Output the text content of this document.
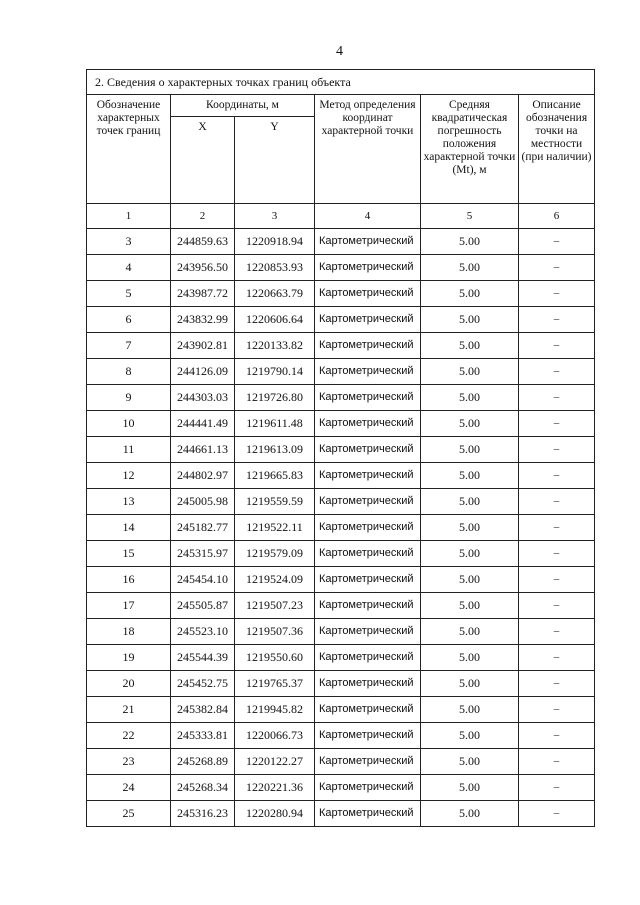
4
2. Сведения о характерных точках границ объекта					
Обозначение характерных точек границ	Координаты, м		Метод определения координат характерной точки	Средняя квадратическая погрешность положения характерной точки (Mt), м	Описание обозначения точки на местности (при наличии)
	X	Y			
1	2	3	4	5	6
3	244859.63	1220918.94	Картометрический	5.00	–
4	243956.50	1220853.93	Картометрический	5.00	–
5	243987.72	1220663.79	Картометрический	5.00	–
6	243832.99	1220606.64	Картометрический	5.00	–
7	243902.81	1220133.82	Картометрический	5.00	–
8	244126.09	1219790.14	Картометрический	5.00	–
9	244303.03	1219726.80	Картометрический	5.00	–
10	244441.49	1219611.48	Картометрический	5.00	–
11	244661.13	1219613.09	Картометрический	5.00	–
12	244802.97	1219665.83	Картометрический	5.00	–
13	245005.98	1219559.59	Картометрический	5.00	–
14	245182.77	1219522.11	Картометрический	5.00	–
15	245315.97	1219579.09	Картометрический	5.00	–
16	245454.10	1219524.09	Картометрический	5.00	–
17	245505.87	1219507.23	Картометрический	5.00	–
18	245523.10	1219507.36	Картометрический	5.00	–
19	245544.39	1219550.60	Картометрический	5.00	–
20	245452.75	1219765.37	Картометрический	5.00	–
21	245382.84	1219945.82	Картометрический	5.00	–
22	245333.81	1220066.73	Картометрический	5.00	–
23	245268.89	1220122.27	Картометрический	5.00	–
24	245268.34	1220221.36	Картометрический	5.00	–
25	245316.23	1220280.94	Картометрический	5.00	–
